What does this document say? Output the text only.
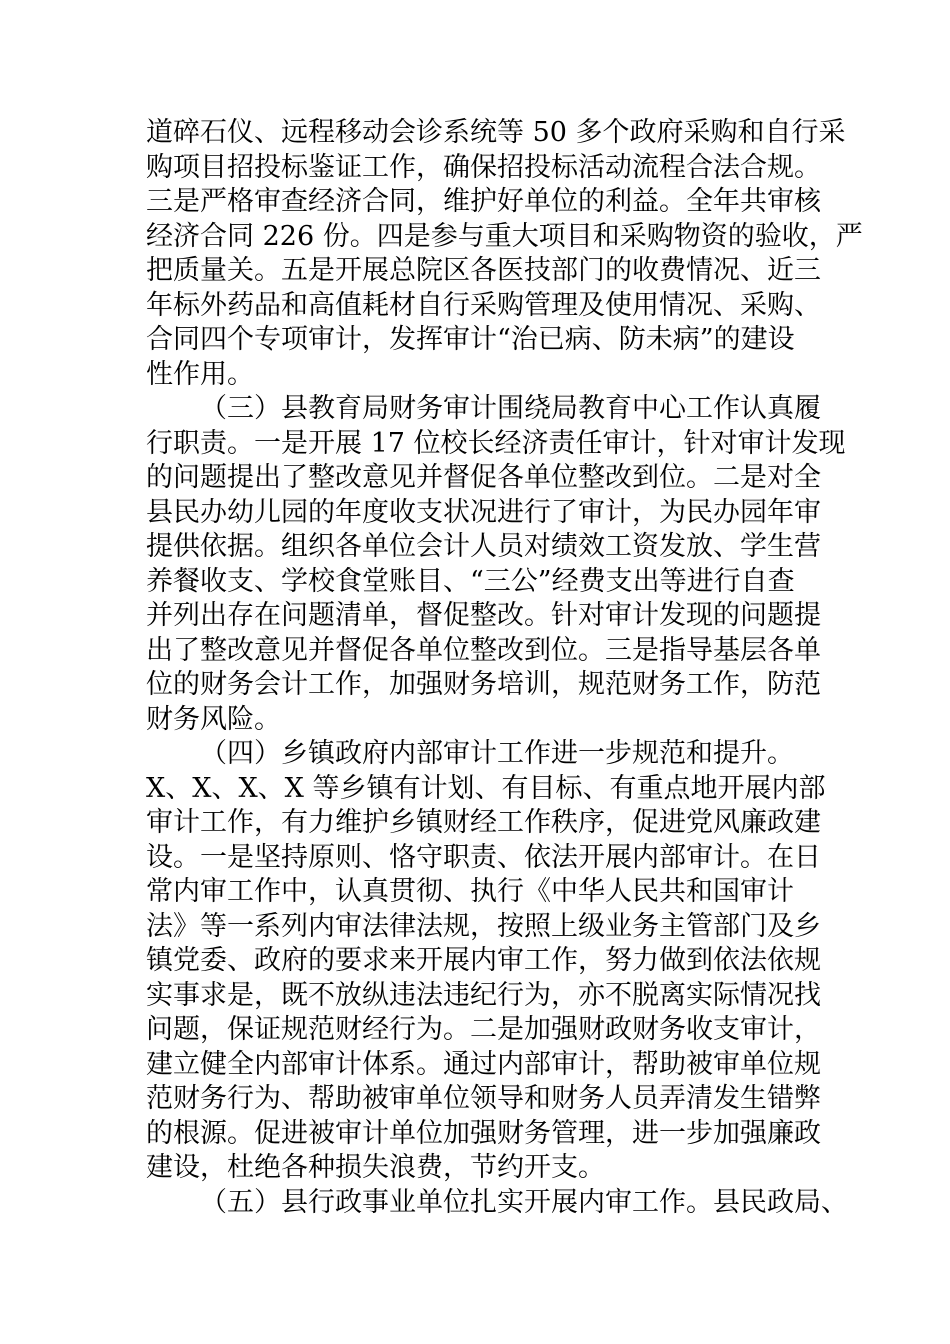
道碎石仪、远程移动会诊系统等 50 多个政府采购和自行采
购项目招投标鉴证工作，确保招投标活动流程合法合规。
三是严格审查经济合同，维护好单位的利益。全年共审核
经济合同 226 份。四是参与重大项目和采购物资的验收，严
把质量关。五是开展总院区各医技部门的收费情况、近三
年标外药品和高值耗材自行采购管理及使用情况、采购、
合同四个专项审计，发挥审计“治已病、防未病”的建设
性作用。
（三）县教育局财务审计围绕局教育中心工作认真履
行职责。一是开展 17 位校长经济责任审计，针对审计发现
的问题提出了整改意见并督促各单位整改到位。二是对全
县民办幼儿园的年度收支状况进行了审计，为民办园年审
提供依据。组织各单位会计人员对绩效工资发放、学生营
养餐收支、学校食堂账目、“三公”经费支出等进行自查
并列出存在问题清单，督促整改。针对审计发现的问题提
出了整改意见并督促各单位整改到位。三是指导基层各单
位的财务会计工作，加强财务培训，规范财务工作，防范
财务风险。
（四）乡镇政府内部审计工作进一步规范和提升。
X、X、X、X 等乡镇有计划、有目标、有重点地开展内部
审计工作，有力维护乡镇财经工作秩序，促进党风廉政建
设。一是坚持原则、恪守职责、依法开展内部审计。在日
常内审工作中，认真贯彻、执行《中华人民共和国审计
法》等一系列内审法律法规，按照上级业务主管部门及乡
镇党委、政府的要求来开展内审工作，努力做到依法依规
实事求是，既不放纵违法违纪行为，亦不脱离实际情况找
问题，保证规范财经行为。二是加强财政财务收支审计，
建立健全内部审计体系。通过内部审计，帮助被审单位规
范财务行为、帮助被审单位领导和财务人员弄清发生错弊
的根源。促进被审计单位加强财务管理，进一步加强廉政
建设，杜绝各种损失浪费，节约开支。
（五）县行政事业单位扎实开展内审工作。县民政局、
